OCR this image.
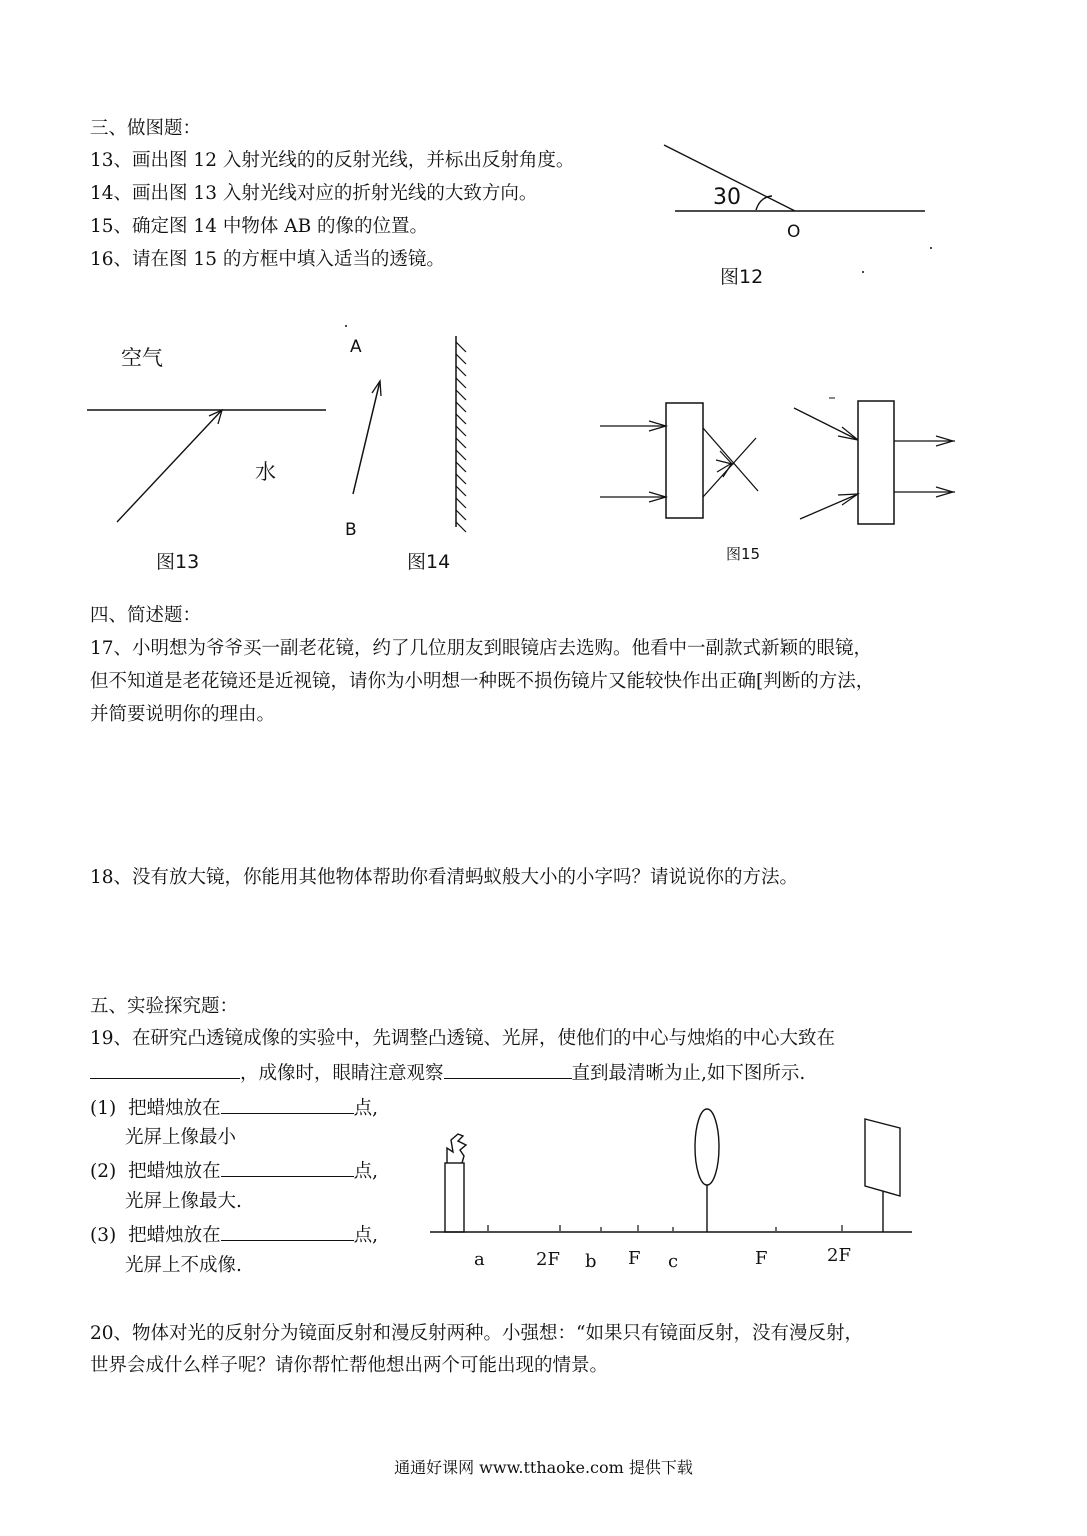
三、做图题：
13、画出图 12 入射光线的的反射光线，并标出反射角度。
14、画出图 13 入射光线对应的折射光线的大致方向。
15、确定图 14 中物体 AB 的像的位置。
16、请在图 15 的方框中填入适当的透镜。
30
O
图12
空气
水
图13
A
B
图14	图15
四、简述题：
17、小明想为爷爷买一副老花镜，约了几位朋友到眼镜店去选购。他看中一副款式新颖的眼镜，
但不知道是老花镜还是近视镜，请你为小明想一种既不损伤镜片又能较快作出正确[判断的方法，
并简要说明你的理由。
18、没有放大镜，你能用其他物体帮助你看清蚂蚁般大小的小字吗？请说说你的方法。
五、实验探究题：
19、在研究凸透镜成像的实验中，先调整凸透镜、光屏，使他们的中心与烛焰的中心大致在
，成像时，眼睛注意观察	直到最清晰为止,如下图所示.
(1) 把蜡烛放在	点,
光屏上像最小
(2) 把蜡烛放在	点,
光屏上像最大.
(3) 把蜡烛放在	点,
光屏上不成像.	a	2F b F c	F	2F
20、物体对光的反射分为镜面反射和漫反射两种。小强想：“如果只有镜面反射，没有漫反射，
世界会成什么样子呢？请你帮忙帮他想出两个可能出现的情景。
通通好课网 www.tthaoke.com 提供下载
